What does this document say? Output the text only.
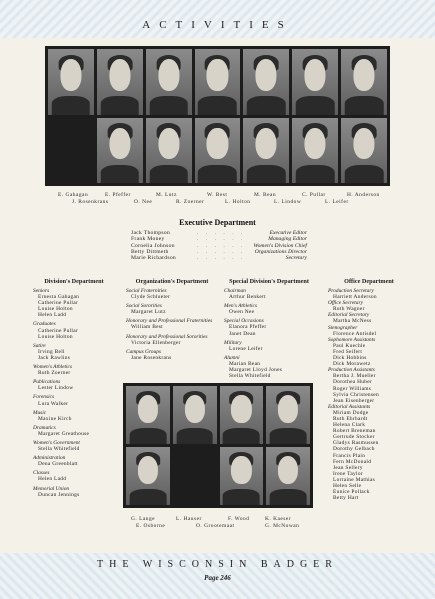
ACTIVITIES
E. Gahagan	E. Pfeffer	M. Lutz	W. Best	M. Bean	C. Pullar	H. Anderson
J. Rosenkrans	O. Nee	R. Zoerner	L. Holton	L. Lindow	L. Leifer
Executive Department
Jack Thompson	. . . . . .	Executive Editor
Frank Money	. . . . . .	Managing Editor
Cornelia Johnson	. . . . . . Women's Division Chief
Betty Dittmeth	. . . . . . Organizations Director
Marie Richardson	. . . . . .	Secretary
Division's Department
Seniors
Ernesta Gahagan
Catherine Pullar
Louise Holton
Helen Ladd
Graduates
Catherine Pullar
Louise Holton
Satire
Irving Bell
Jack Rawlins
Women's Athletics
Ruth Zoerner
Publications
Lester Lindow
Forensics
Lura Walker
Music
Maxine Kirch
Dramatics
Margaret Greathouse
Women's Government
Stella Whitefield
Administration
Dena Greenblatt
Classes
Helen Ladd
Memorial Union
Duncan Jennings
Organization's Department
Social Fraternities
Clyde Schlueter
Social Sororities
Margaret Lutz
Honorary and Professional Fraternities
William Best
Honorary and Professional Sororities
Victoria Ellenberger
Campus Groups
Jane Rosenkrans
Special Division's Department
Chairman
Arthur Benkert
Men's Athletics
Owen Nee
Special Occasions
Elanora Pfeffer
Janet Dean
Military
Lorene Leifer
Alumni
Marian Bean
Margaret Lloyd Jones
Stella Whitefield
Office Department
Production Secretary
Harriett Anderson
Office Secretary
Ruth Wagner
Editorial Secretary
Martha McNess
Stenographer
Florence Antisdel
Sophomore Assistants
Paul Kuechle
Fred Seifert
Dick Hobbins
Dick Morawetz
Production Assistants
Bertha J. Mueller
Dorothea Huber
Roger Williams
Sylvia Christensen
Jean Eisenberger
Editorial Assistants
Miriam Dodge
Ruth Ehrhardt
Helena Clark
Robert Breneman
Gertrude Stocker
Gladys Rasmussen
Dorothy Gelbach
Francis Plain
Fern McDonald
Jean Sellery
Irene Taylor
Lorraine Mathias
Helen Selle
Eunice Pollack
Betty Hart
G. Lange	L. Hauser	F. Wood	K. Kaeser
E. Osborne	O. Grootemaat	G. McNowan
THE WISCONSIN BADGER
Page 246
